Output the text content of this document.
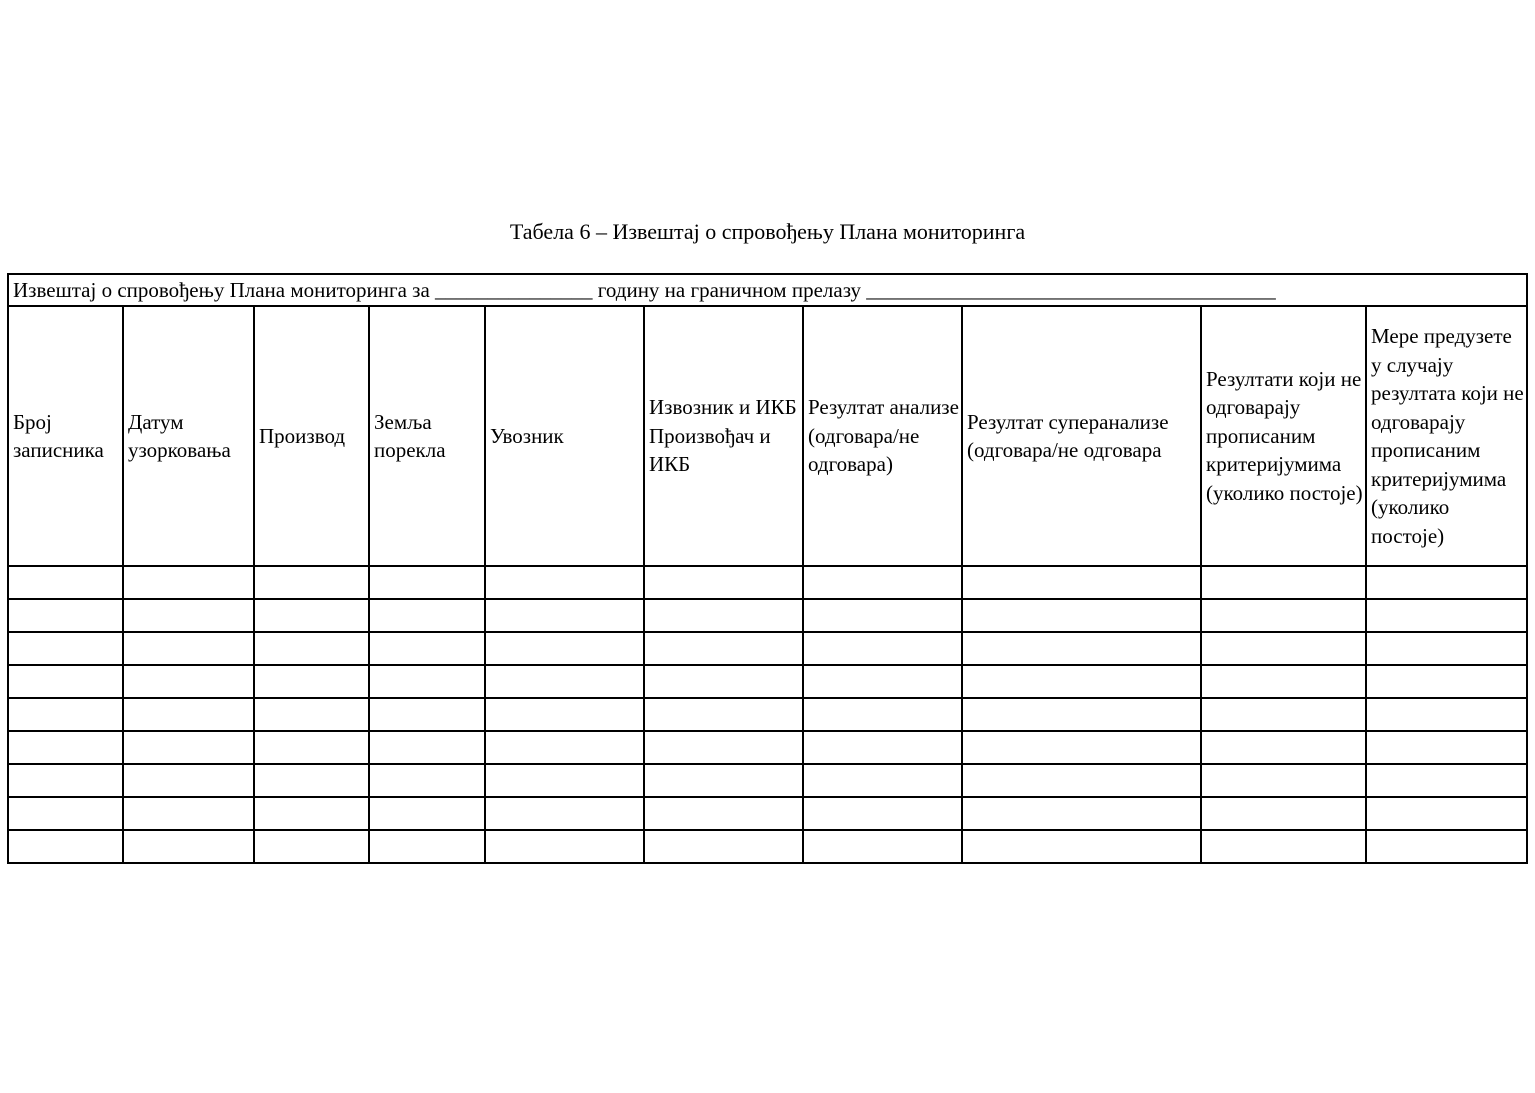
Табела 6 – Извештај о спровођењу Плана мониторинга
Извештај о спровођењу Плана мониторинга за _______________ годину на граничном прелазу _______________________________________									
Број записника	Датум узорковања	Производ	Земља порекла	Увозник	Извозник и ИКБ Произвођач и ИКБ	Резултат анализе (одговара/не одговара)	Резултат суперанализе (одговара/не одговара	Резултати који не одговарају прописаним критеријумима (уколико постоје)	Мере предузете у случају резултата који не одговарају прописаним критеријумима (уколико постоје)
